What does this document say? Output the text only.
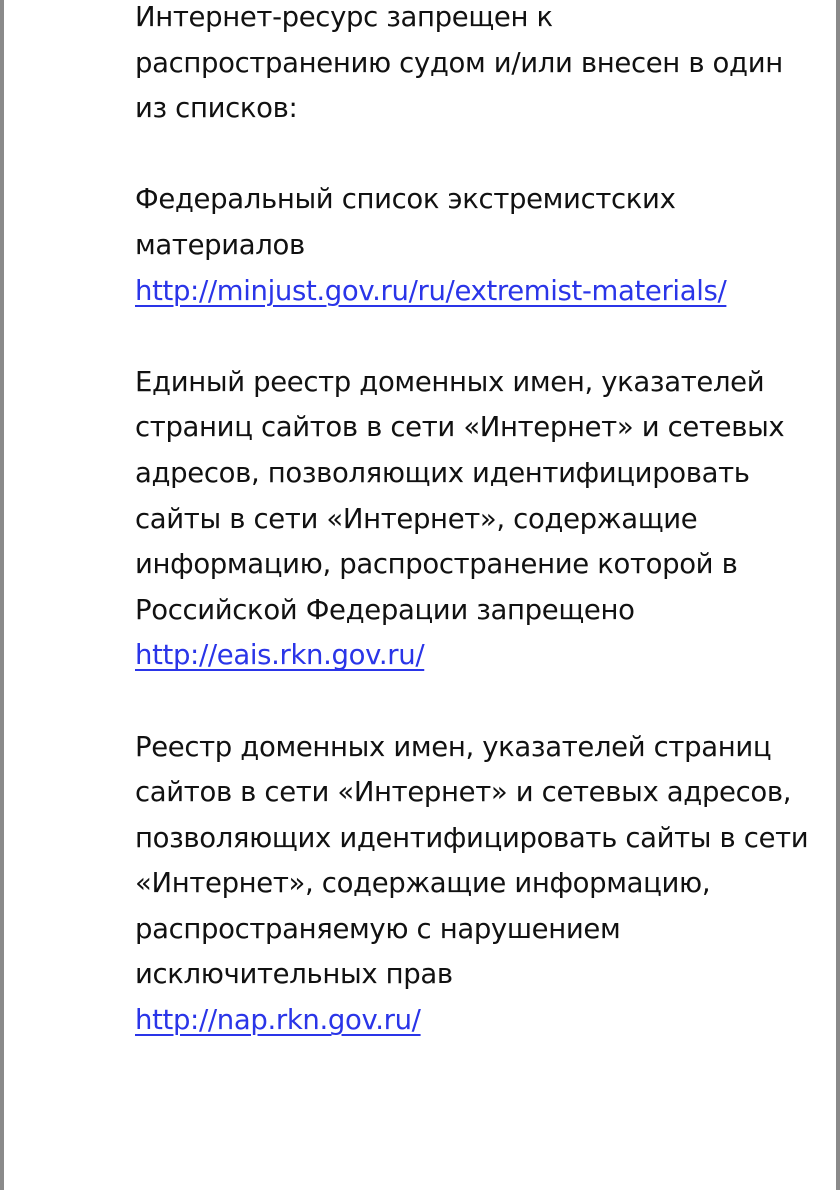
Интернет-ресурс запрещен к распространению судом и/или внесен в один из списков:

Федеральный список экстремистских материалов
http://minjust.gov.ru/ru/extremist-materials/
Единый реестр доменных имен, указателей страниц сайтов в сети «Интернет» и сетевых адресов, позволяющих идентифицировать сайты в сети «Интернет», содержащие информацию, распространение которой в Российской Федерации запрещено
http://eais.rkn.gov.ru/
Реестр доменных имен, указателей страниц сайтов в сети «Интернет» и сетевых адресов, позволяющих идентифицировать сайты в сети «Интернет», содержащие информацию, распространяемую с нарушением исключительных прав
http://nap.rkn.gov.ru/
